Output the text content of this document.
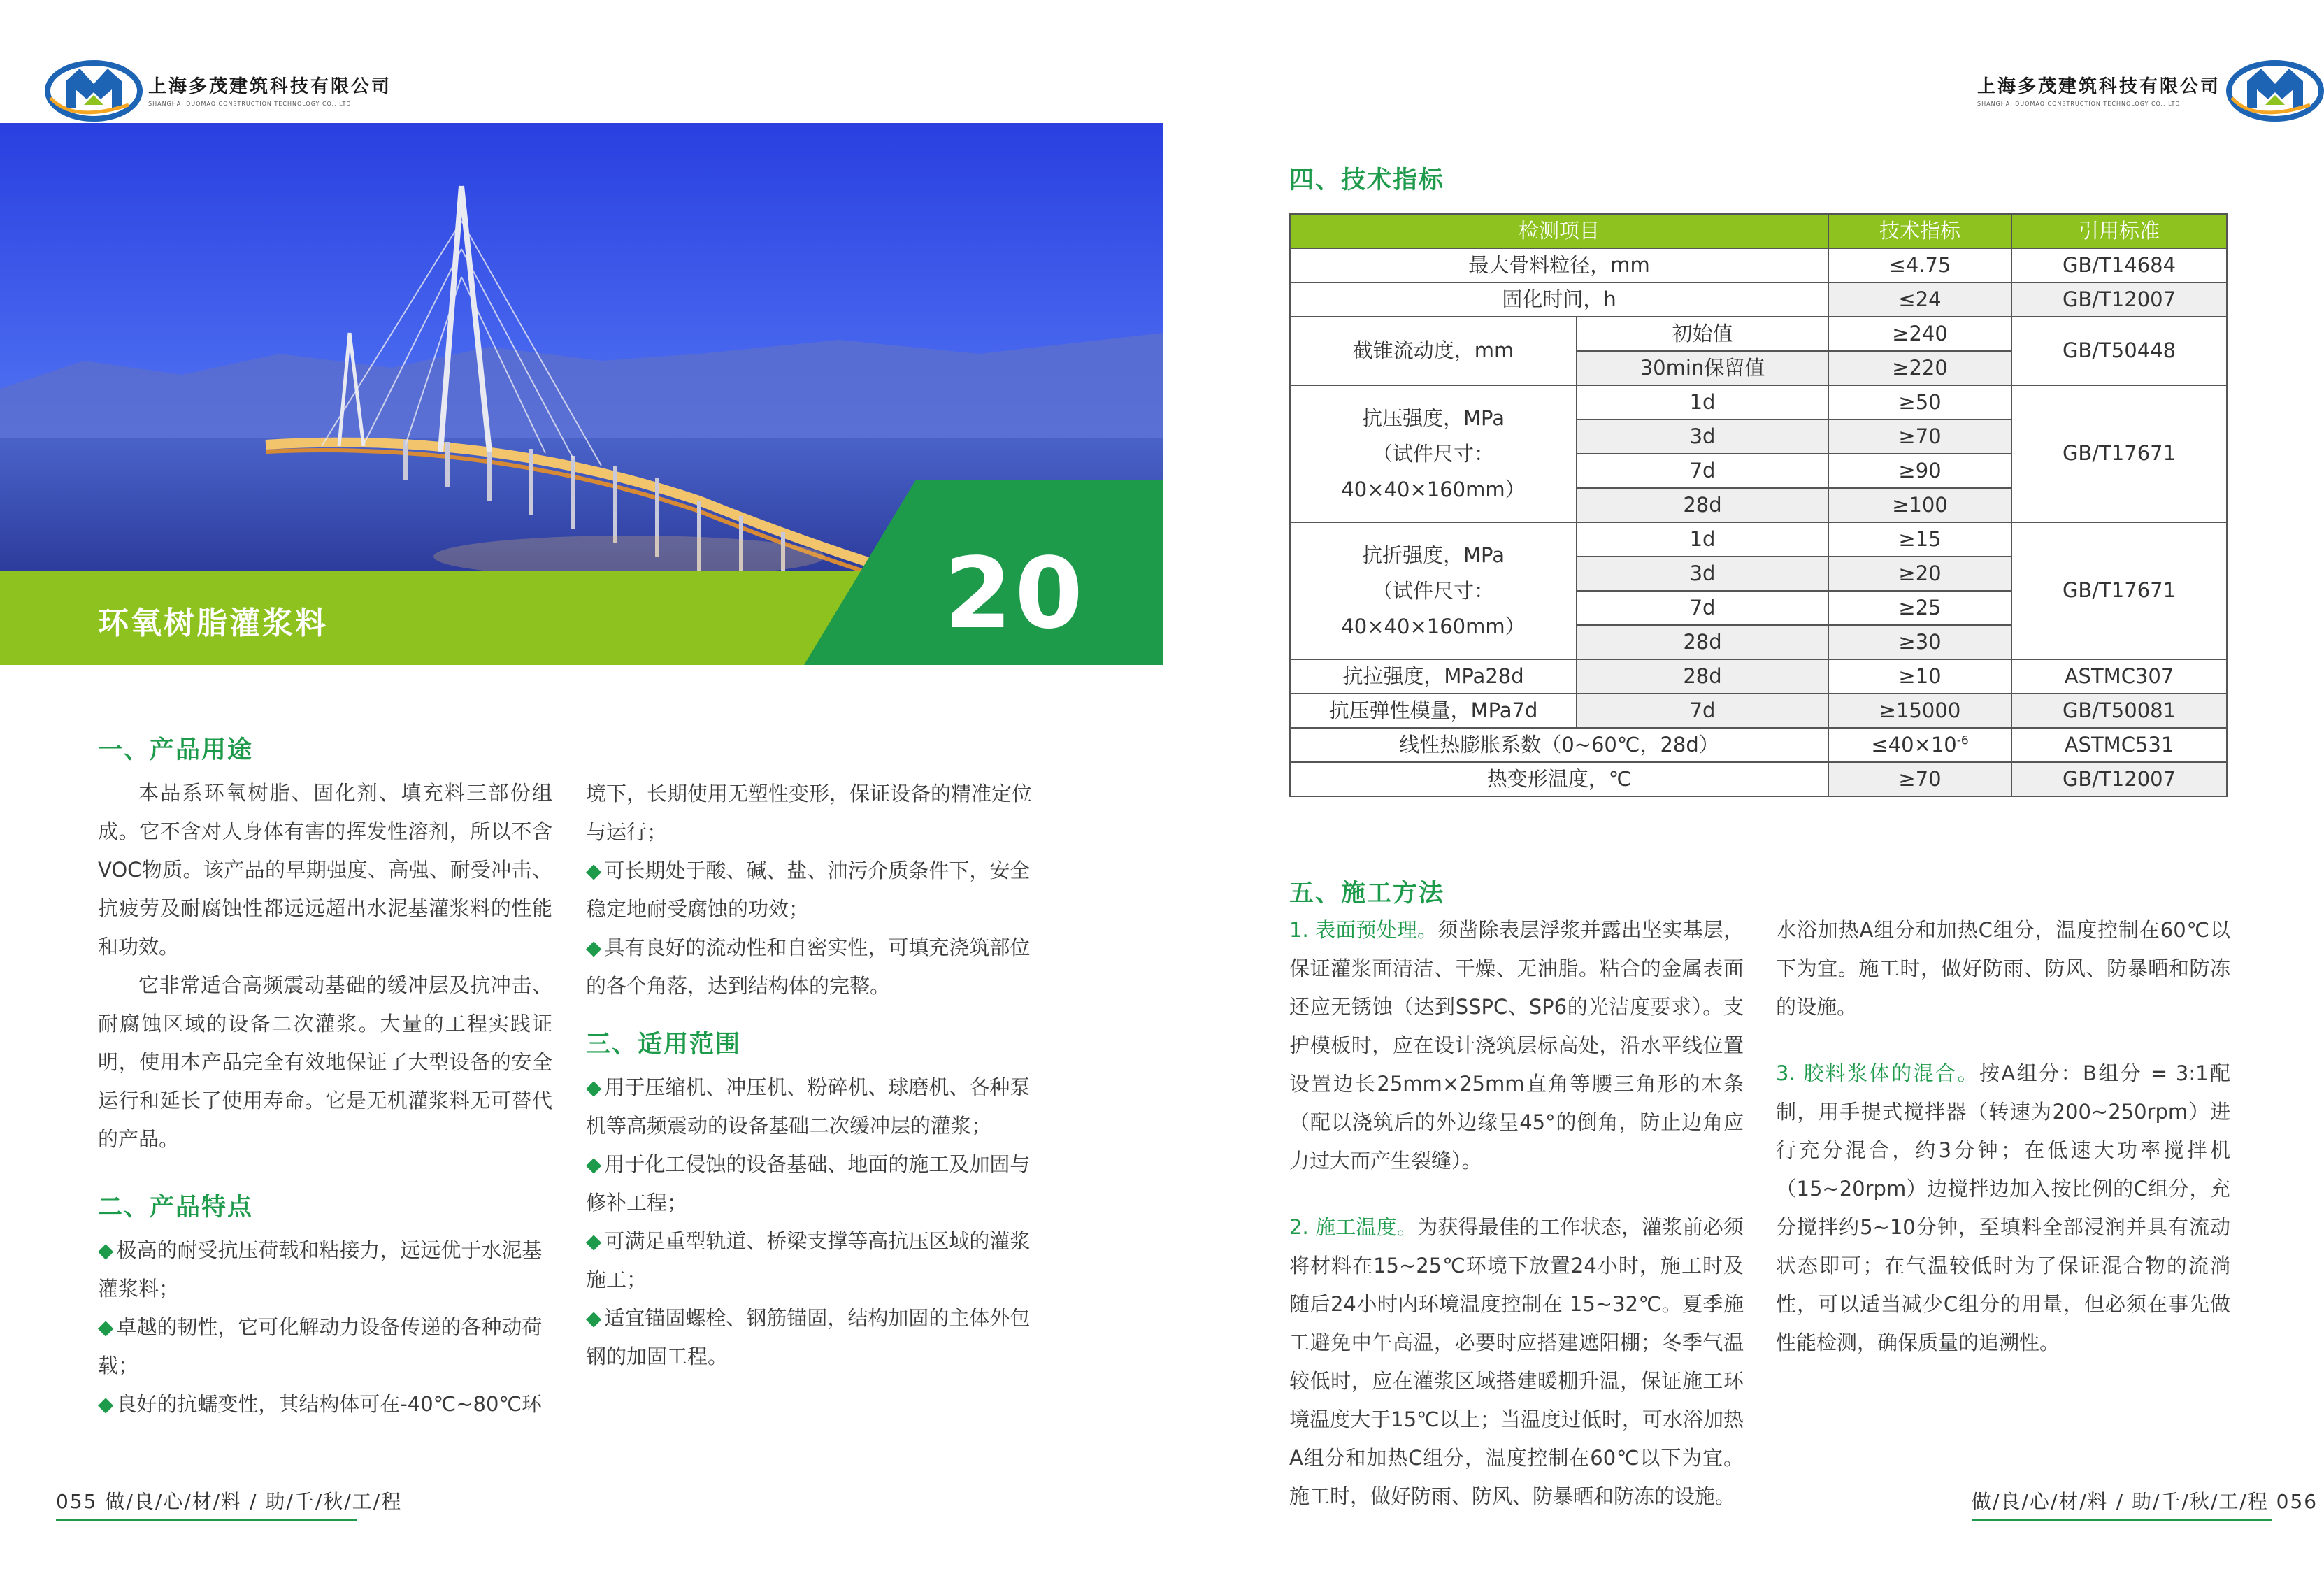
上海多茂建筑科技有限公司
SHANGHAI DUOMAO CONSTRUCTION TECHNOLOGY CO., LTD
上海多茂建筑科技有限公司
SHANGHAI DUOMAO CONSTRUCTION TECHNOLOGY CO., LTD
环氧树脂灌浆料	20
一、产品用途

本品系环氧树脂、固化剂、填充料三部份组成。它不含对人身体有害的挥发性溶剂，所以不含VOC物质。该产品的早期强度、高强、耐受冲击、抗疲劳及耐腐蚀性都远远超出水泥基灌浆料的性能和功效。

它非常适合高频震动基础的缓冲层及抗冲击、耐腐蚀区域的设备二次灌浆。大量的工程实践证明，使用本产品完全有效地保证了大型设备的安全运行和延长了使用寿命。它是无机灌浆料无可替代的产品。

二、产品特点

◆ 极高的耐受抗压荷载和粘接力，远远优于水泥基灌浆料；

◆ 卓越的韧性，它可化解动力设备传递的各种动荷载；

◆ 良好的抗蠕变性，其结构体可在-40℃~80℃环

境下，长期使用无塑性变形，保证设备的精准定位与运行；

◆ 可长期处于酸、碱、盐、油污介质条件下，安全稳定地耐受腐蚀的功效；

◆ 具有良好的流动性和自密实性，可填充浇筑部位的各个角落，达到结构体的完整。

三、适用范围

◆ 用于压缩机、冲压机、粉碎机、球磨机、各种泵机等高频震动的设备基础二次缓冲层的灌浆；

◆ 用于化工侵蚀的设备基础、地面的施工及加固与修补工程；

◆ 可满足重型轨道、桥梁支撑等高抗压区域的灌浆施工；

◆ 适宜锚固螺栓、钢筋锚固，结构加固的主体外包钢的加固工程。

四、技术指标
检测项目		技术指标	引用标准
最大骨料粒径，mm		≤4.75	GB/T14684
固化时间，h		≤24	GB/T12007
截锥流动度，mm	初始值	≥240	GB/T50448
	30min保留值	≥220	

抗压强度，MPa
（试件尺寸：
40×40×160mm）	1d	≥50	GB/T17671
	3d	≥70	
	7d	≥90	
	28d	≥100	

抗折强度，MPa
（试件尺寸：
40×40×160mm）	1d	≥15	GB/T17671
	3d	≥20	
	7d	≥25	
	28d	≥30	
抗拉强度，MPa28d	28d	≥10	ASTMC307
抗压弹性模量，MPa7d	7d	≥15000	GB/T50081
线性热膨胀系数（0~60℃，28d）		$\le 40\times 10^{-6}$	ASTMC531
热变形温度，℃		≥70	GB/T12007
五、施工方法

1. 表面预处理。须凿除表层浮浆并露出坚实基层，保证灌浆面清洁、干燥、无油脂。粘合的金属表面还应无锈蚀（达到SSPC、SP6的光洁度要求）。支护模板时，应在设计浇筑层标高处，沿水平线位置设置边长25mm×25mm直角等腰三角形的木条（配以浇筑后的外边缘呈45°的倒角，防止边角应力过大而产生裂缝）。

2. 施工温度。为获得最佳的工作状态，灌浆前必须将材料在15~25℃环境下放置24小时，施工时及随后24小时内环境温度控制在 15~32℃。夏季施工避免中午高温，必要时应搭建遮阳棚；冬季气温较低时，应在灌浆区域搭建暖棚升温，保证施工环境温度大于15℃以上；当温度过低时，可水浴加热A组分和加热C组分，温度控制在60℃以下为宜。施工时，做好防雨、防风、防暴晒和防冻的设施。

水浴加热A组分和加热C组分，温度控制在60℃以下为宜。施工时，做好防雨、防风、防暴晒和防冻的设施。

3. 胶料浆体的混合。按A组分：B组分 = 3:1配制，用手提式搅拌器（转速为200~250rpm）进行充分混合，约3分钟；在低速大功率搅拌机（15~20rpm）边搅拌边加入按比例的C组分，充分搅拌约5~10分钟，至填料全部浸润并具有流动状态即可；在气温较低时为了保证混合物的流淌性，可以适当减少C组分的用量，但必须在事先做性能检测，确保质量的追溯性。

055 做/良/心/材/料 / 助/千/秋/工/程	做/良/心/材/料 / 助/千/秋/工/程 056
